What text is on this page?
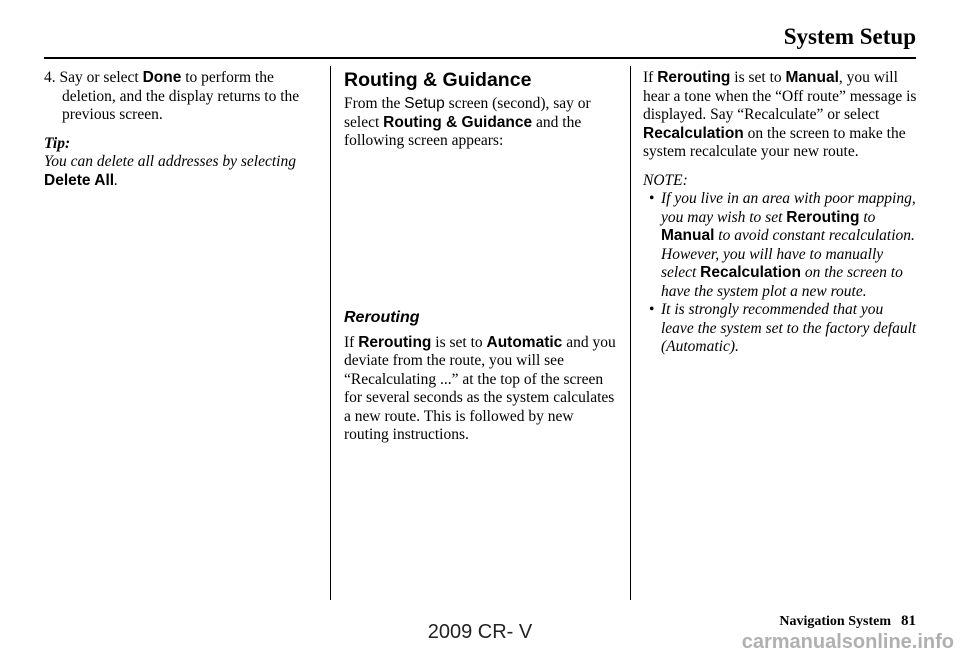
System Setup

4. Say or select Done to perform the deletion, and the display returns to the previous screen.

Tip:

You can delete all addresses by selecting Delete All.

Routing & Guidance

From the Setup screen (second), say or select Routing & Guidance and the following screen appears:

Rerouting

If Rerouting is set to Automatic and you deviate from the route, you will see “Recalculating ...” at the top of the screen for several seconds as the system calculates a new route. This is followed by new routing instructions.

If Rerouting is set to Manual, you will hear a tone when the “Off route” message is displayed. Say “Recalculate” or select Recalculation on the screen to make the system recalculate your new route.

NOTE:

• If you live in an area with poor mapping, you may wish to set Rerouting to Manual to avoid constant recalculation. However, you will have to manually select Recalculation on the screen to have the system plot a new route.
• It is strongly recommended that you leave the system set to the factory default (Automatic).
Navigation System 81
2009 CR- V	carmanualsonline.info
